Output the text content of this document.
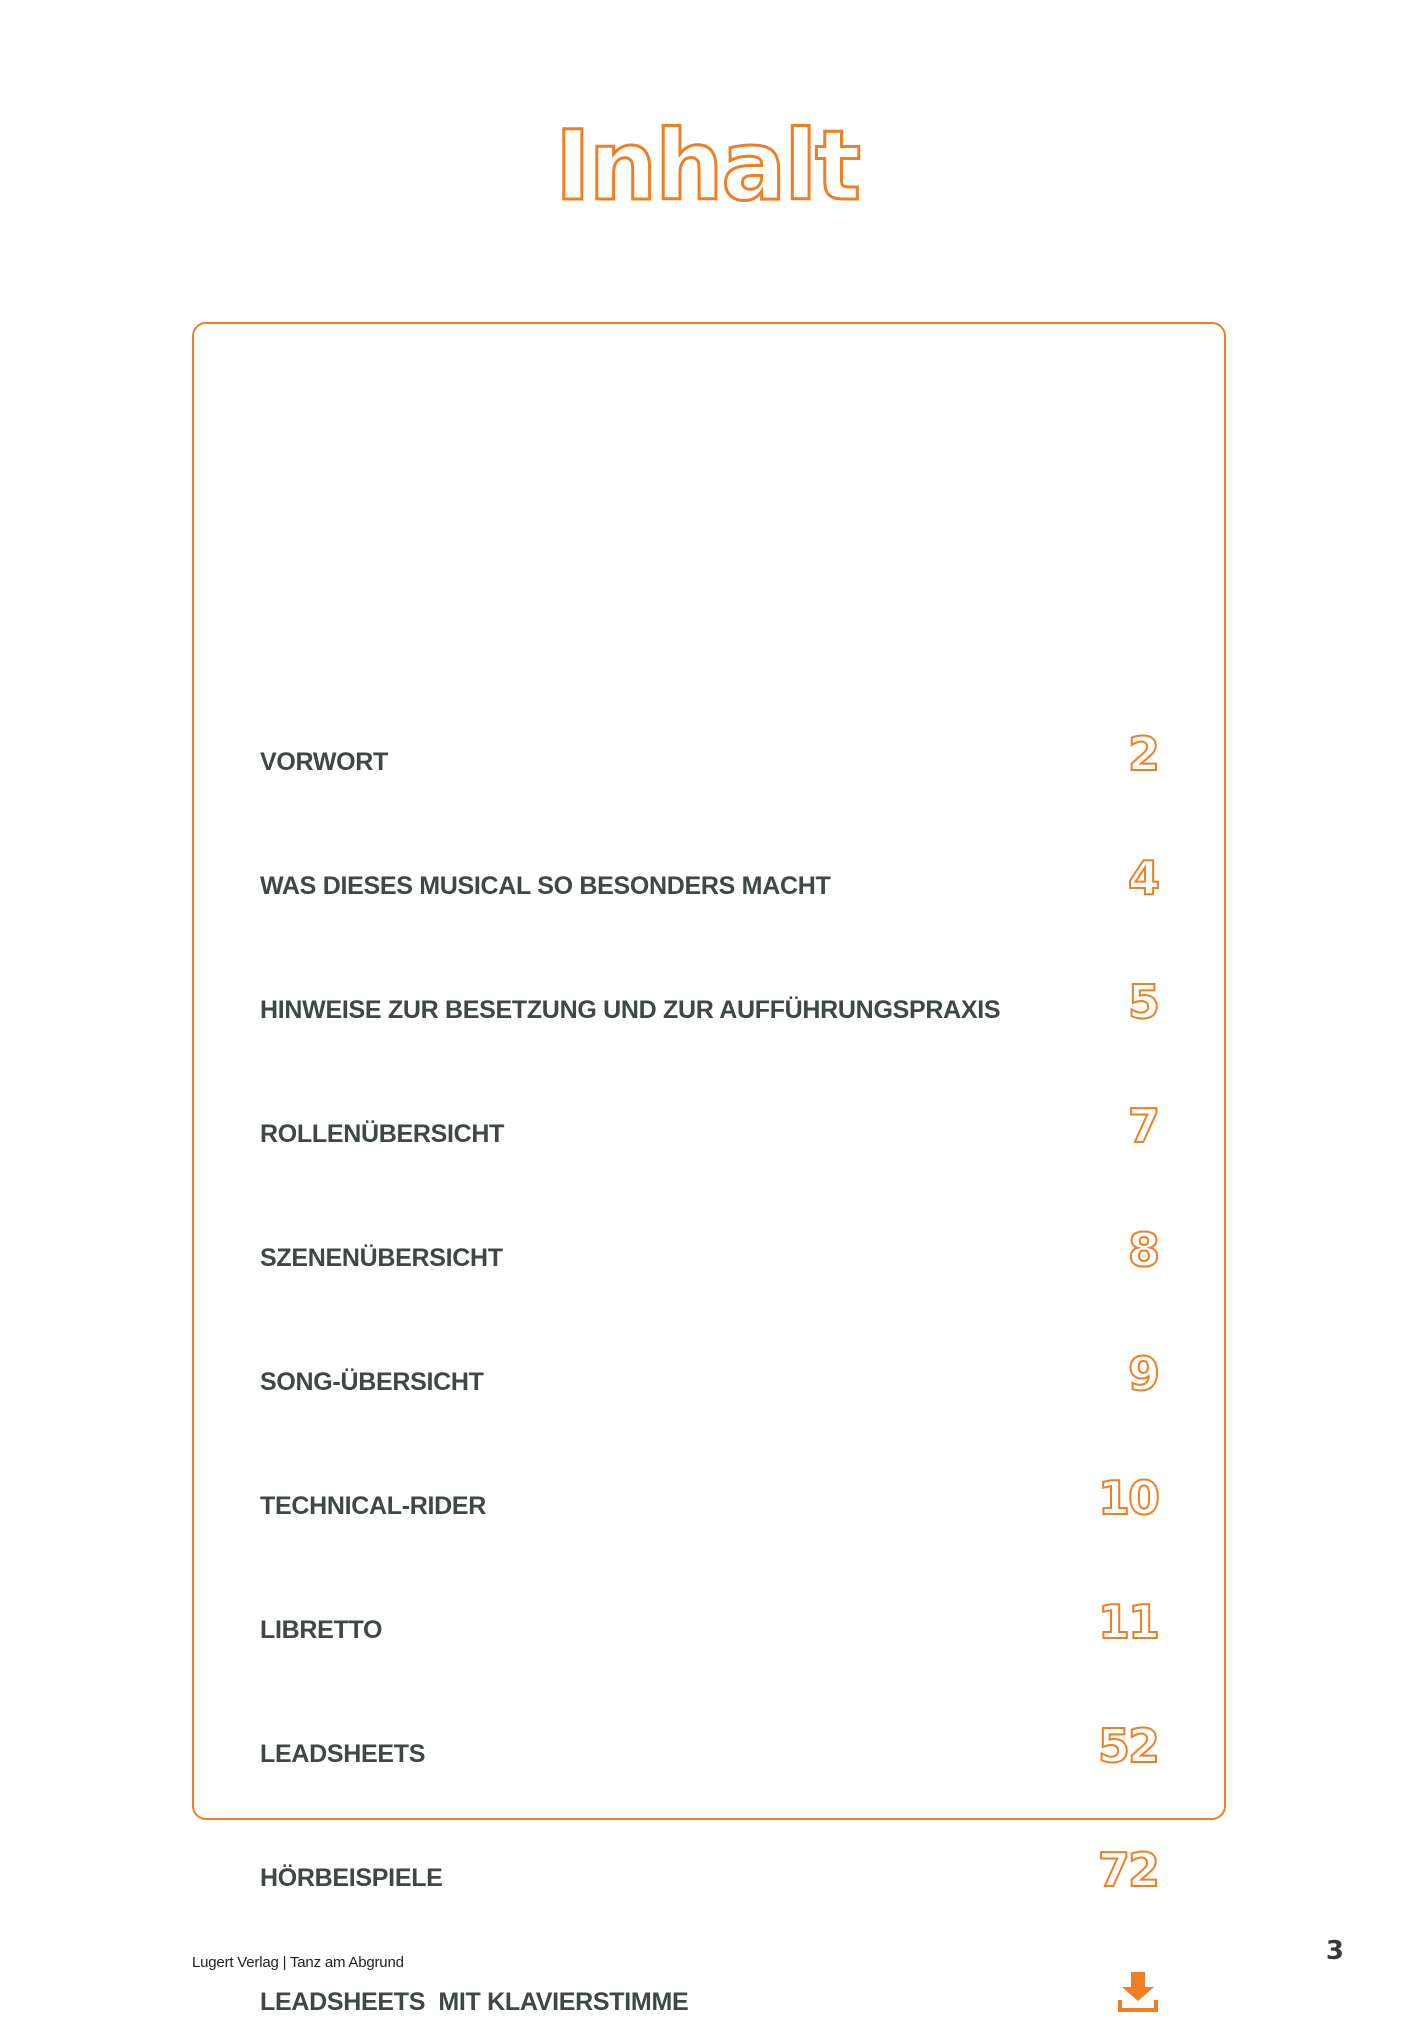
Inhalt
VORWORT	2
WAS DIESES MUSICAL SO BESONDERS MACHT	4
HINWEISE ZUR BESETZUNG UND ZUR AUFFÜHRUNGSPRAXIS	5
ROLLENÜBERSICHT	7
SZENENÜBERSICHT	8
SONG-ÜBERSICHT	9
TECHNICAL-RIDER	10
LIBRETTO	11
LEADSHEETS	52
HÖRBEISPIELE	72
LEADSHEETS  MIT KLAVIERSTIMME
Lugert Verlag | Tanz am Abgrund	3
